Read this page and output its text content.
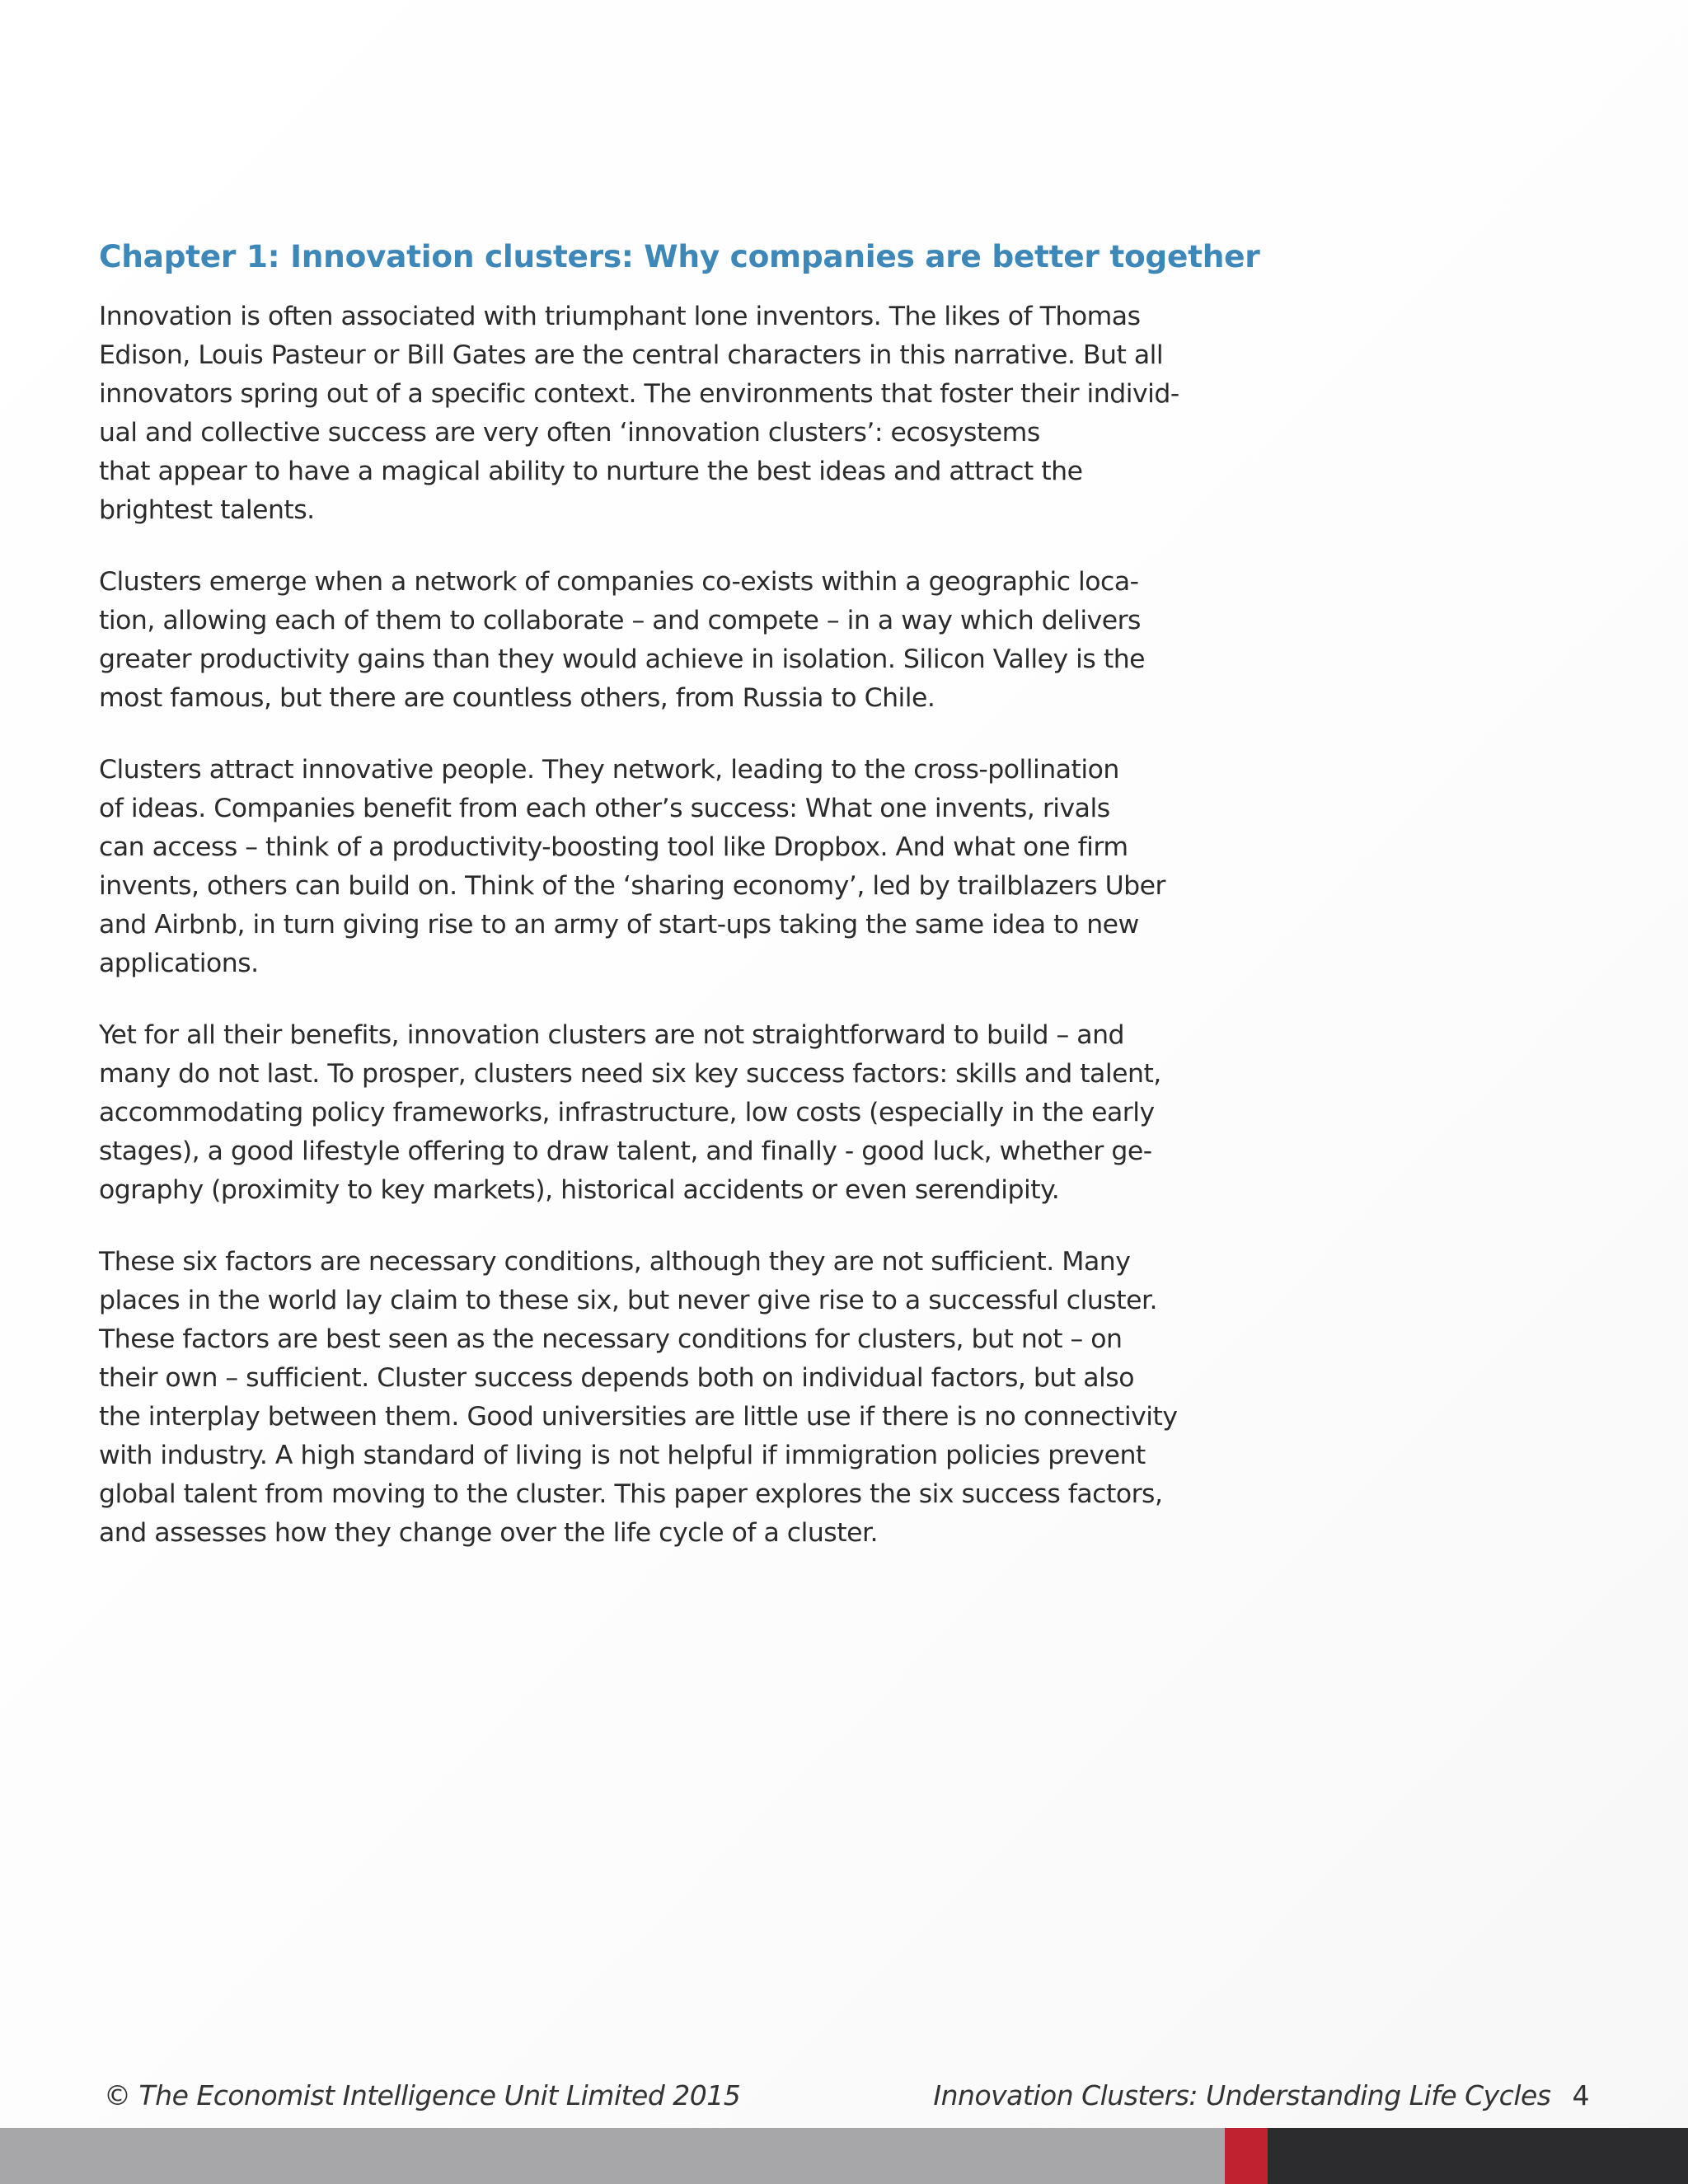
Chapter 1: Innovation clusters: Why companies are better together

Innovation is often associated with triumphant lone inventors. The likes of Thomas
Edison, Louis Pasteur or Bill Gates are the central characters in this narrative. But all
innovators spring out of a specific context. The environments that foster their individ-
ual and collective success are very often ‘innovation clusters’: ecosystems
that appear to have a magical ability to nurture the best ideas and attract the
brightest talents.

Clusters emerge when a network of companies co-exists within a geographic loca-
tion, allowing each of them to collaborate – and compete – in a way which delivers
greater productivity gains than they would achieve in isolation. Silicon Valley is the
most famous, but there are countless others, from Russia to Chile.

Clusters attract innovative people. They network, leading to the cross-pollination
of ideas. Companies benefit from each other’s success: What one invents, rivals
can access – think of a productivity-boosting tool like Dropbox. And what one firm
invents, others can build on. Think of the ‘sharing economy’, led by trailblazers Uber
and Airbnb, in turn giving rise to an army of start-ups taking the same idea to new
applications.

Yet for all their benefits, innovation clusters are not straightforward to build – and
many do not last. To prosper, clusters need six key success factors: skills and talent,
accommodating policy frameworks, infrastructure, low costs (especially in the early
stages), a good lifestyle offering to draw talent, and finally - good luck, whether ge-
ography (proximity to key markets), historical accidents or even serendipity.

These six factors are necessary conditions, although they are not sufficient. Many
places in the world lay claim to these six, but never give rise to a successful cluster.
These factors are best seen as the necessary conditions for clusters, but not – on
their own – sufficient. Cluster success depends both on individual factors, but also
the interplay between them. Good universities are little use if there is no connectivity
with industry. A high standard of living is not helpful if immigration policies prevent
global talent from moving to the cluster. This paper explores the six success factors,
and assesses how they change over the life cycle of a cluster.

© The Economist Intelligence Unit Limited 2015	Innovation Clusters: Understanding Life Cycles 4
